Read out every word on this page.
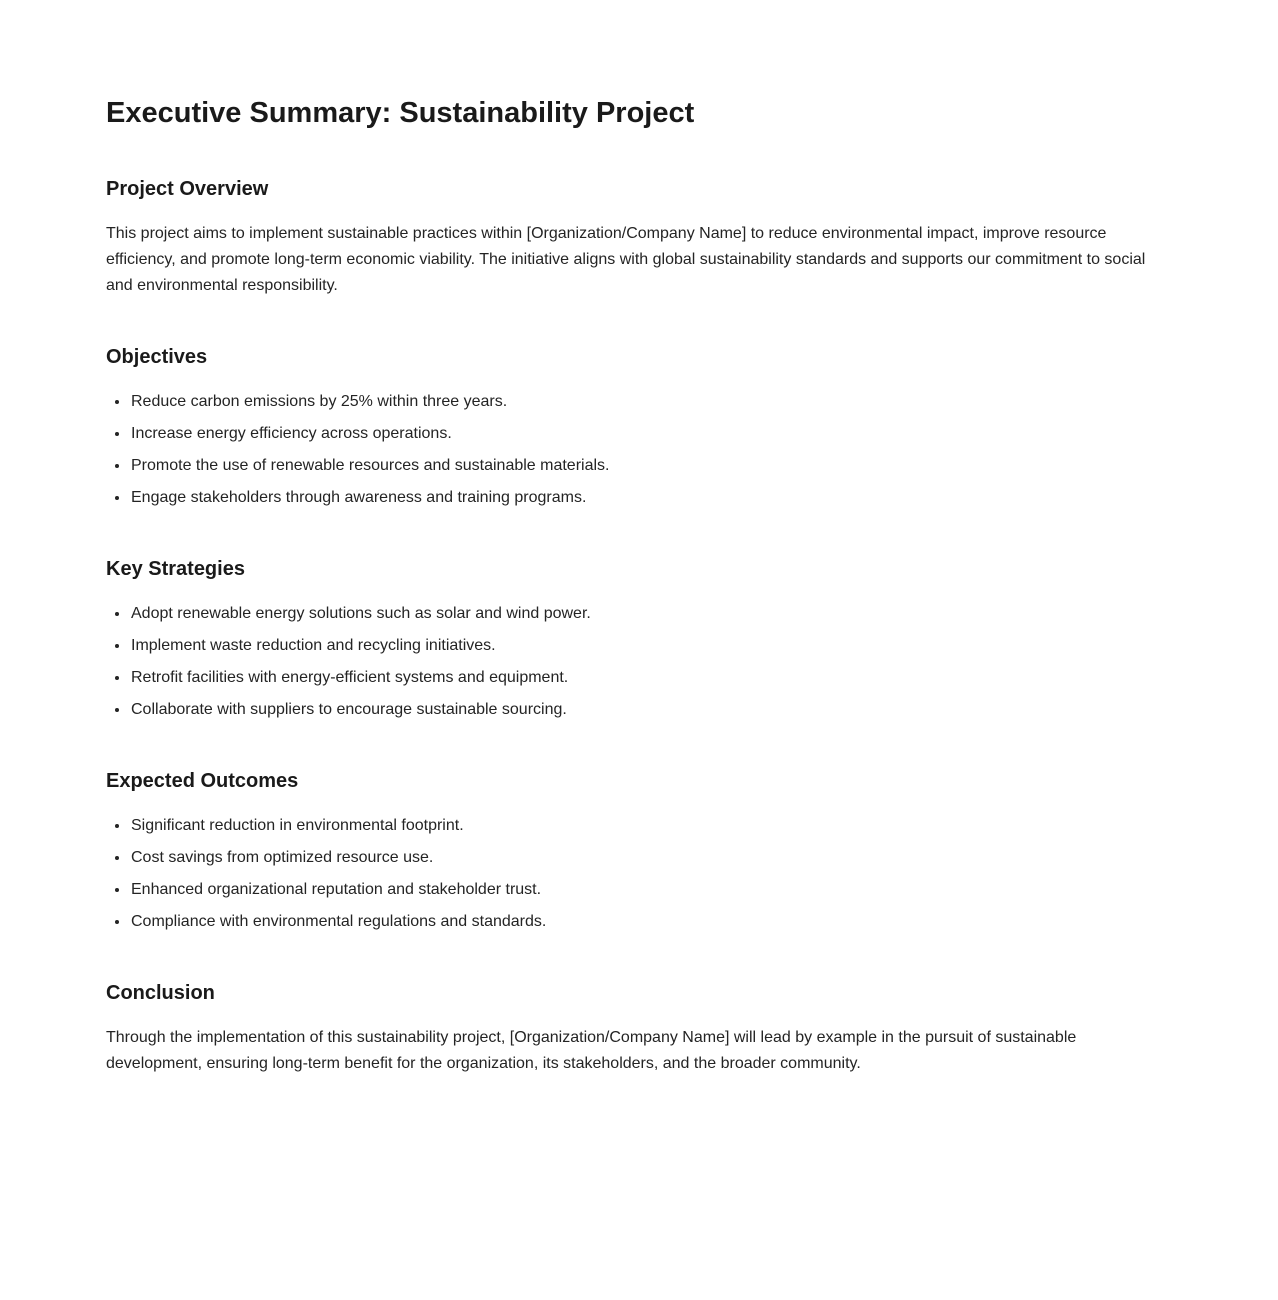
Executive Summary: Sustainability Project
Project Overview

This project aims to implement sustainable practices within [Organization/Company Name] to reduce environmental impact, improve resource efficiency, and promote long-term economic viability. The initiative aligns with global sustainability standards and supports our commitment to social and environmental responsibility.

Objectives
• Reduce carbon emissions by 25% within three years.
• Increase energy efficiency across operations.
• Promote the use of renewable resources and sustainable materials.
• Engage stakeholders through awareness and training programs.
Key Strategies
• Adopt renewable energy solutions such as solar and wind power.
• Implement waste reduction and recycling initiatives.
• Retrofit facilities with energy-efficient systems and equipment.
• Collaborate with suppliers to encourage sustainable sourcing.
Expected Outcomes
• Significant reduction in environmental footprint.
• Cost savings from optimized resource use.
• Enhanced organizational reputation and stakeholder trust.
• Compliance with environmental regulations and standards.
Conclusion

Through the implementation of this sustainability project, [Organization/Company Name] will lead by example in the pursuit of sustainable development, ensuring long-term benefit for the organization, its stakeholders, and the broader community.
